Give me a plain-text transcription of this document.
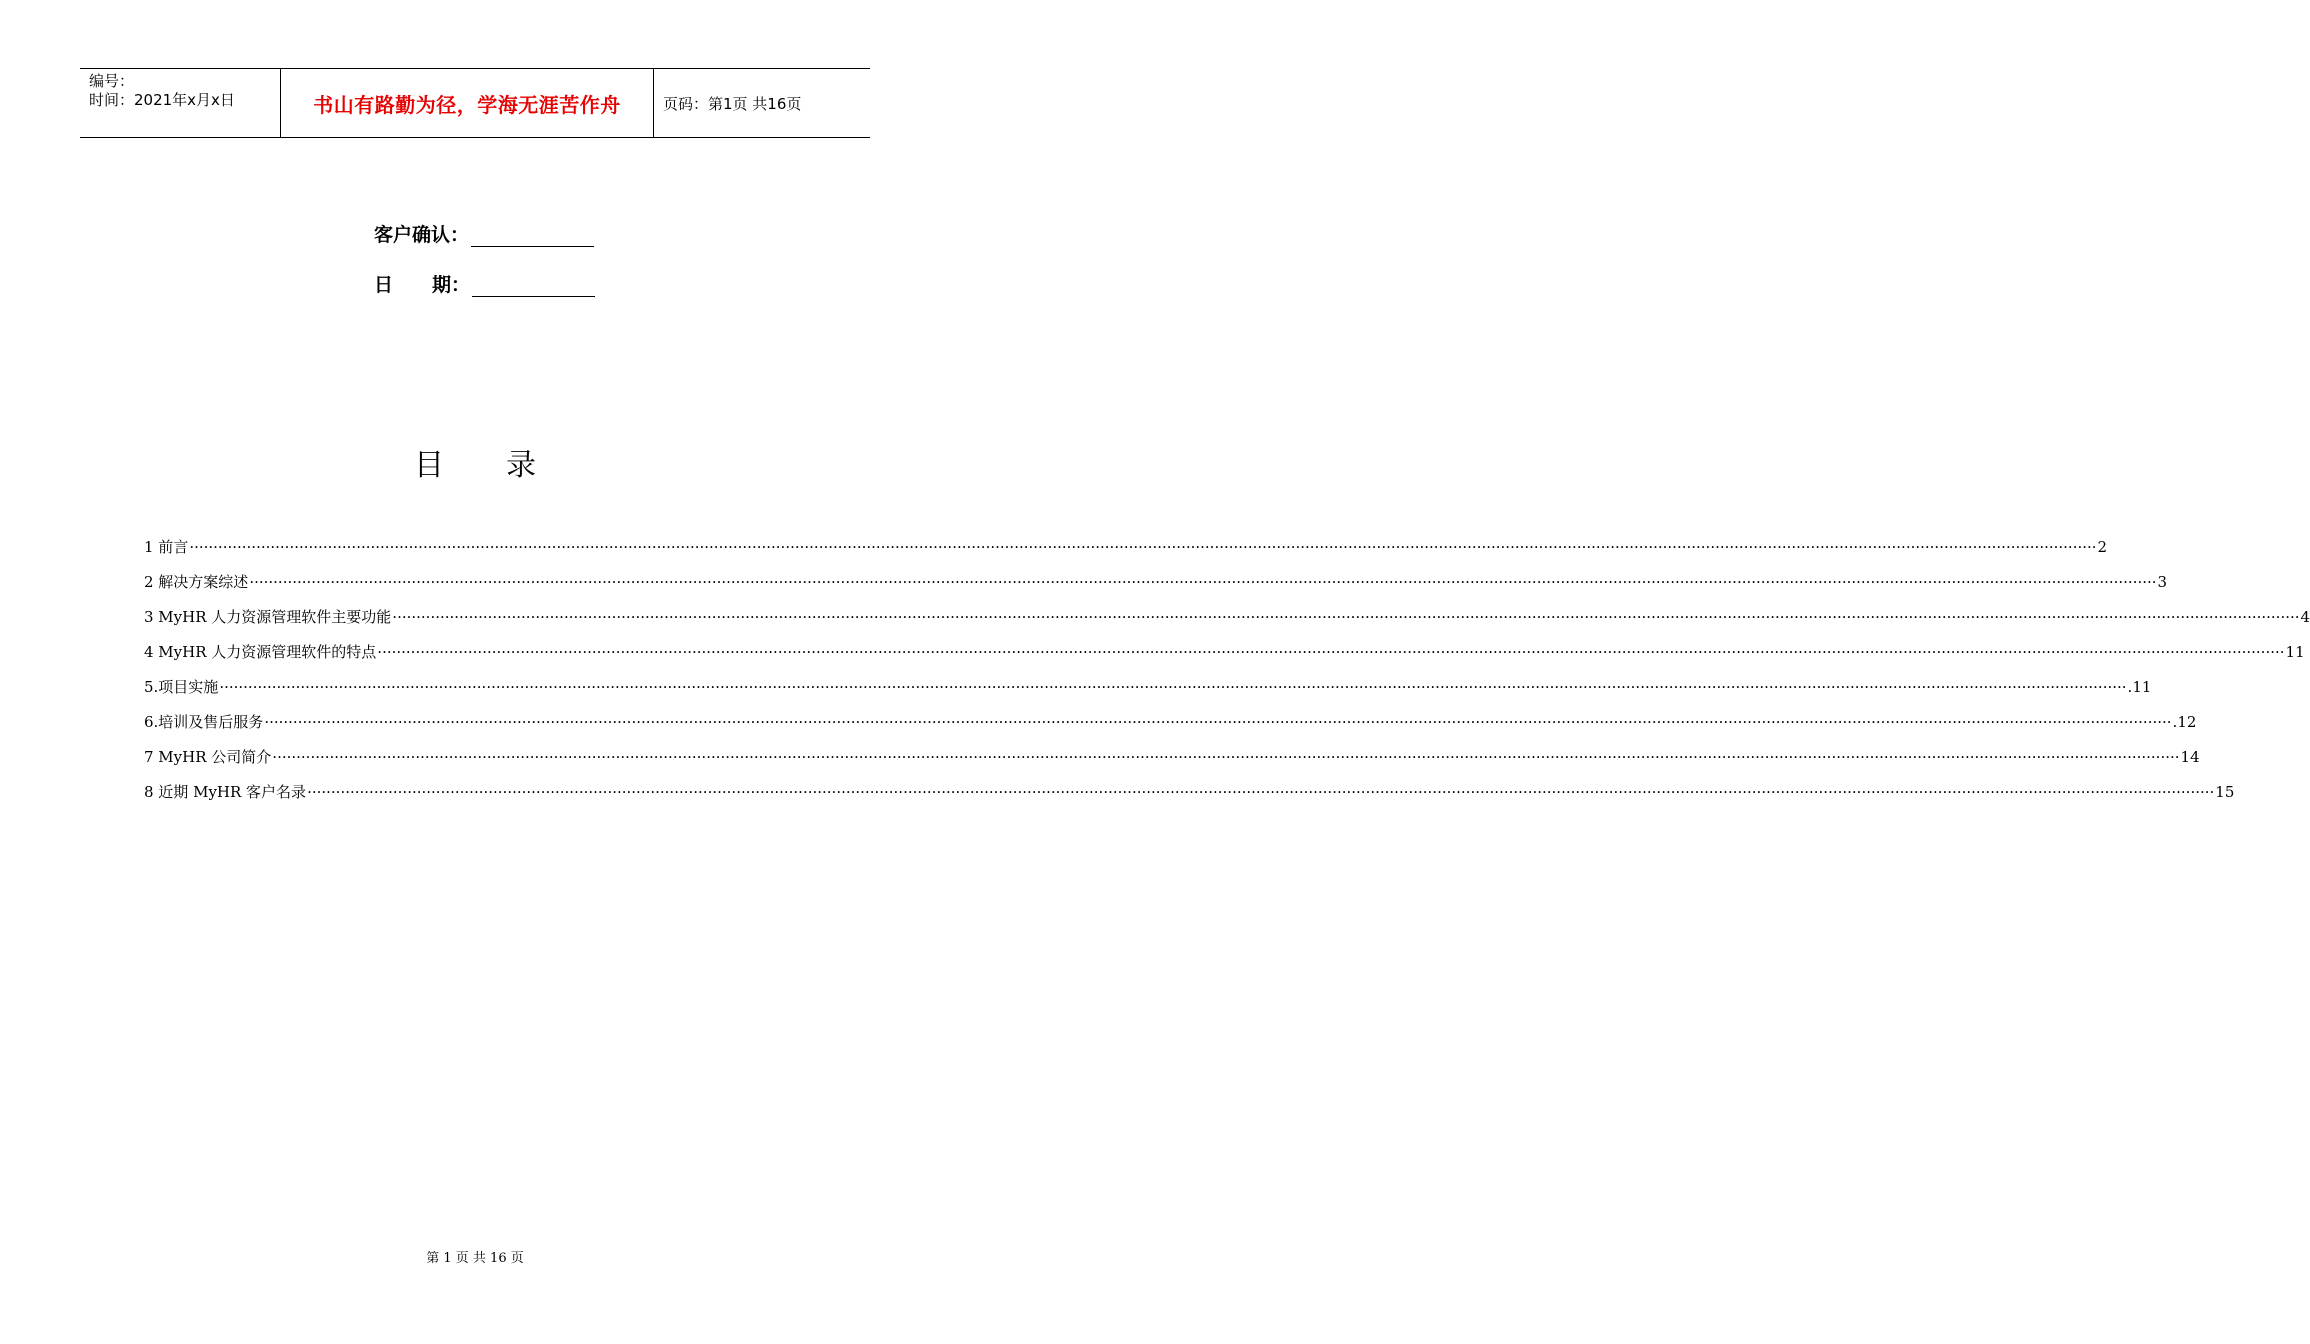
编号：
时间：2021年x月x日	书山有路勤为径，学海无涯苦作舟	页码：第1页 共16页
客户确认：
日 期：
目 录
1 前言 ················································································································································································································································································································································································································ 2
2 解决方案综述 ················································································································································································································································································································································································································ 3
3 MyHR 人力资源管理软件主要功能 ················································································································································································································································································································································································································ 4
4 MyHR 人力资源管理软件的特点 ················································································································································································································································································································································································································ 11
5.项目实施 ················································································································································································································································································································································································································ .11
6.培训及售后服务 ················································································································································································································································································································································································································ .12
7 MyHR 公司简介 ················································································································································································································································································································································································································ 14
8 近期 MyHR 客户名录 ················································································································································································································································································································································································································ 15
第 1 页 共 16 页
